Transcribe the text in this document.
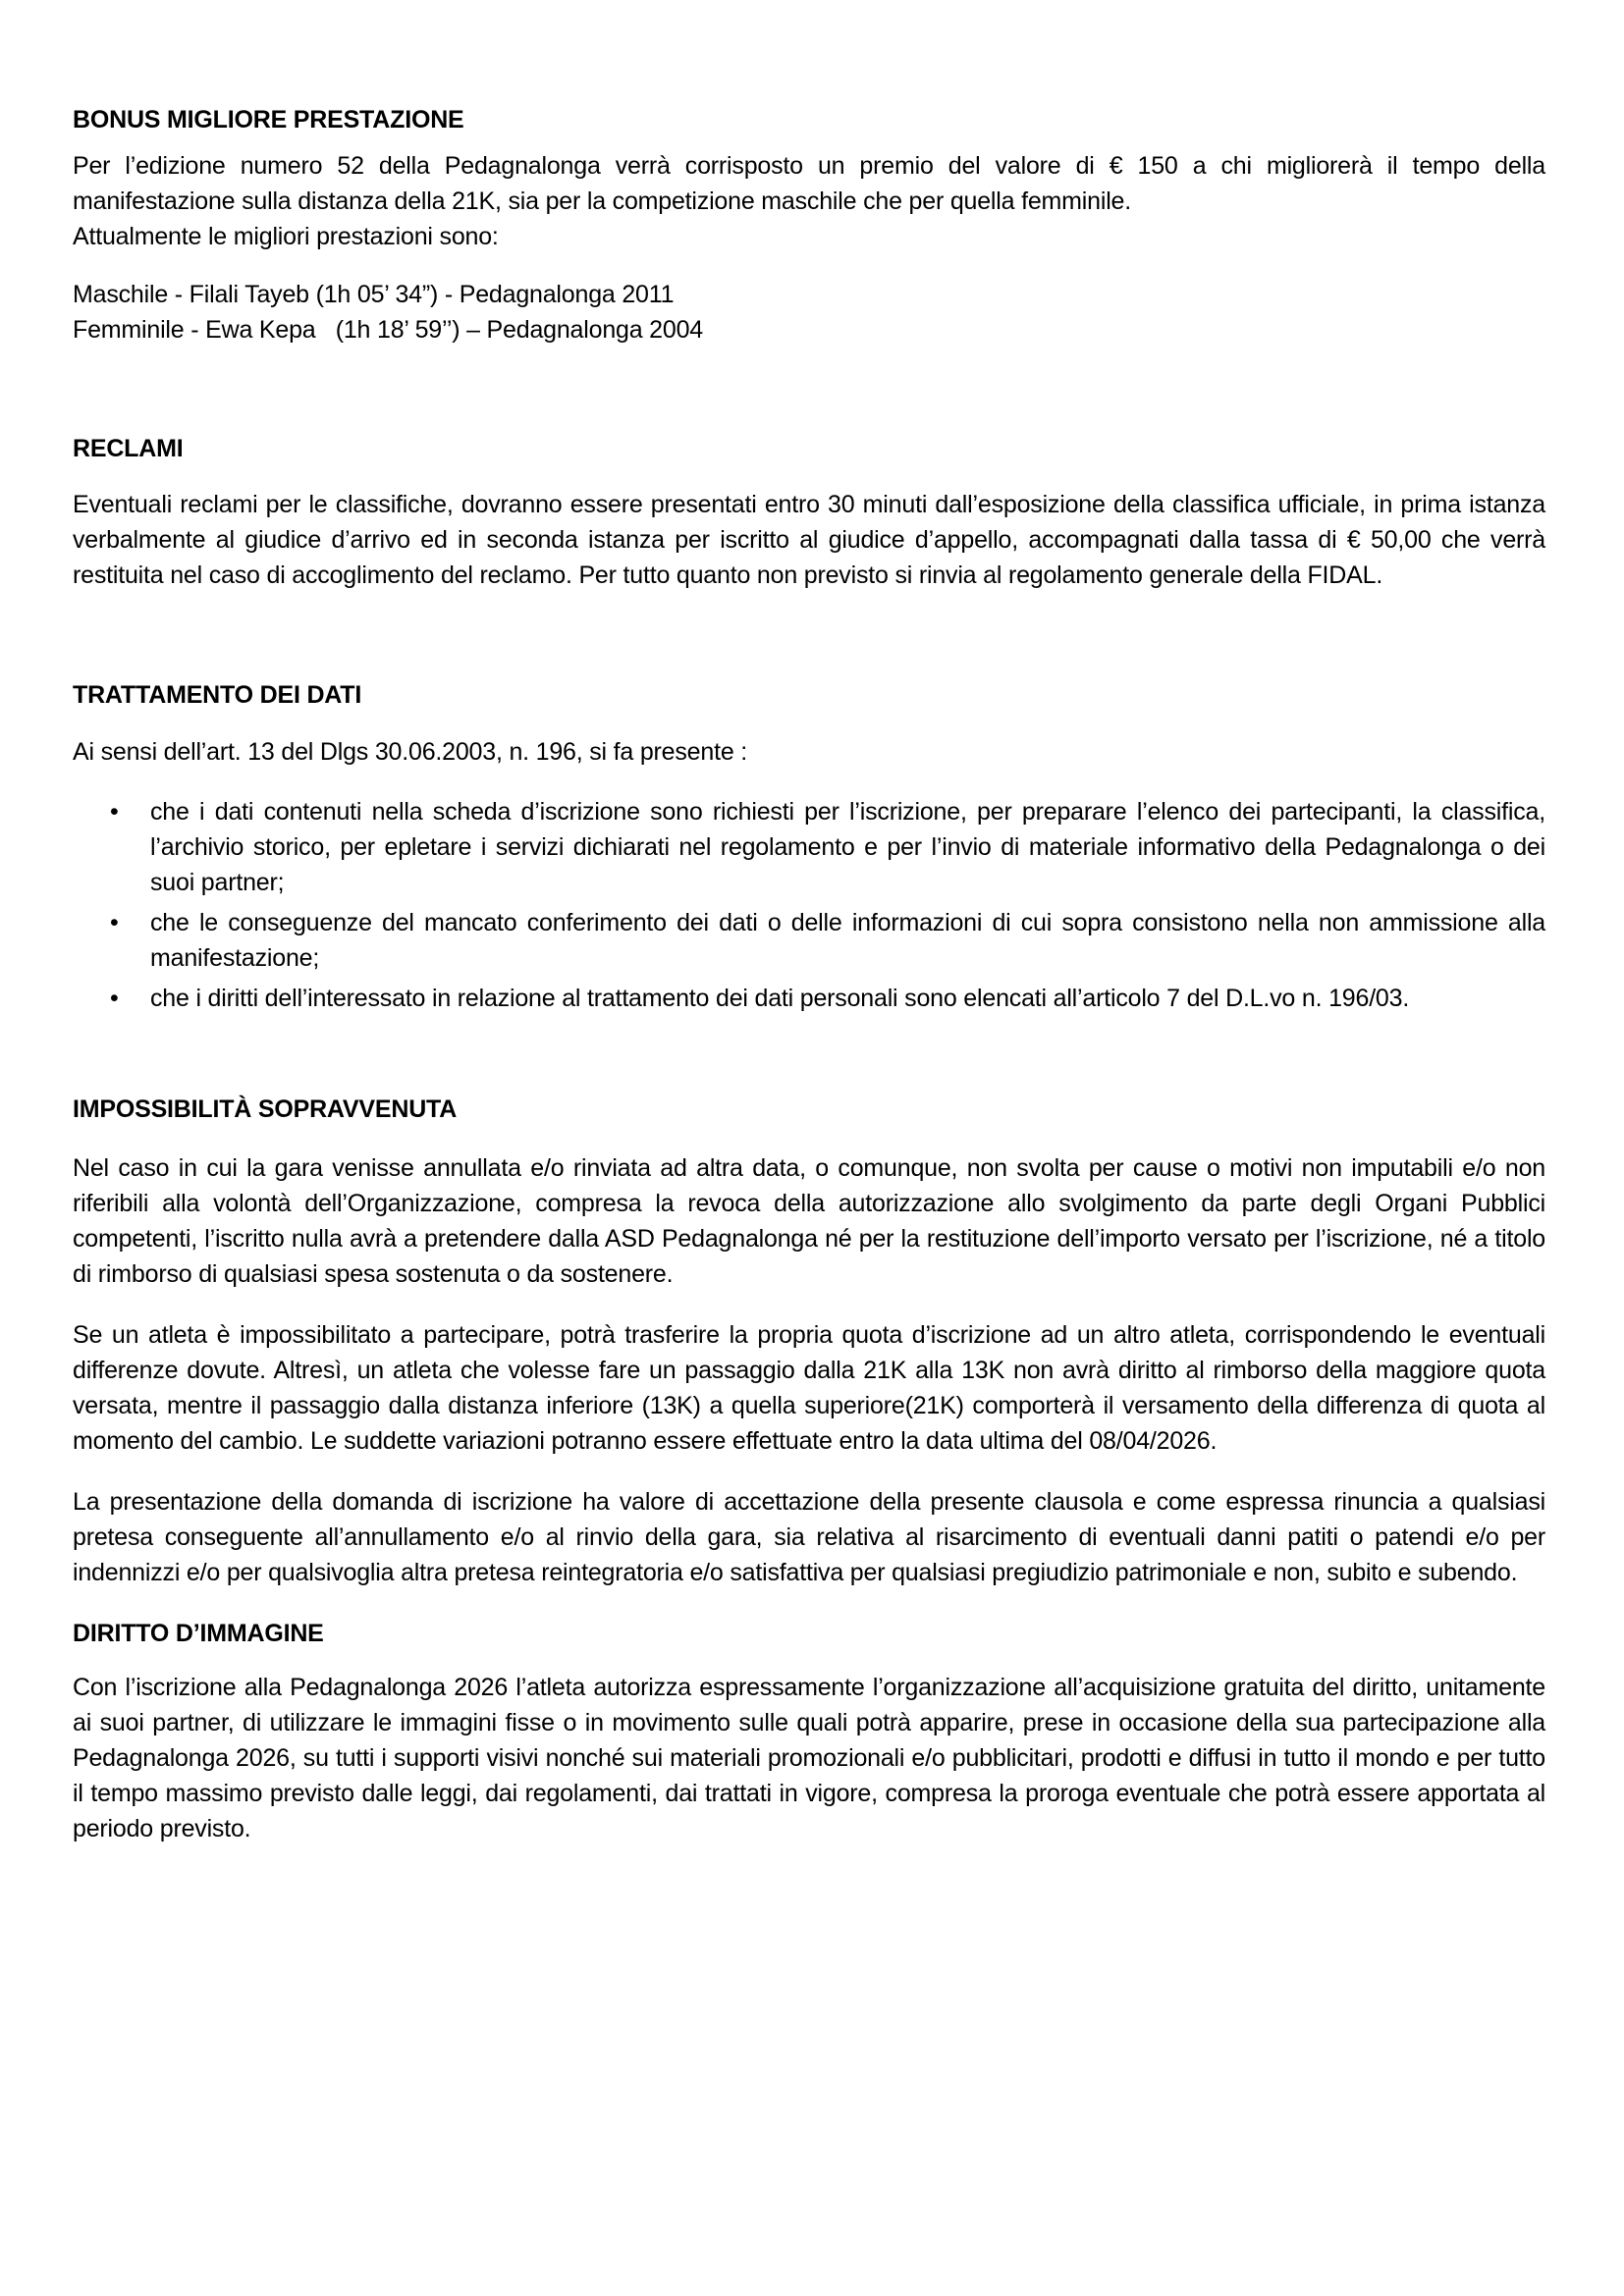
BONUS MIGLIORE PRESTAZIONE

Per l’edizione numero 52 della Pedagnalonga verrà corrisposto un premio del valore di € 150 a chi migliorerà il tempo della manifestazione sulla distanza della 21K, sia per la competizione maschile che per quella femminile.

Attualmente le migliori prestazioni sono:

Maschile - Filali Tayeb (1h 05’ 34”) - Pedagnalonga 2011

Femminile - Ewa Kepa   (1h 18’ 59’’) – Pedagnalonga 2004

RECLAMI

Eventuali reclami per le classifiche, dovranno essere presentati entro 30 minuti dall’esposizione della classifica ufficiale, in prima istanza verbalmente al giudice d’arrivo ed in seconda istanza per iscritto al giudice d’appello, accompagnati dalla tassa di € 50,00 che verrà restituita nel caso di accoglimento del reclamo. Per tutto quanto non previsto si rinvia al regolamento generale della FIDAL.

TRATTAMENTO DEI DATI

Ai sensi dell’art. 13 del Dlgs 30.06.2003, n. 196, si fa presente :

• che i dati contenuti nella scheda d’iscrizione sono richiesti per l’iscrizione, per preparare l’elenco dei partecipanti, la classifica, l’archivio storico, per epletare i servizi dichiarati nel regolamento e per l’invio di materiale informativo della Pedagnalonga o dei suoi partner;
• che le conseguenze del mancato conferimento dei dati o delle informazioni di cui sopra consistono nella non ammissione alla manifestazione;
• che i diritti dell’interessato in relazione al trattamento dei dati personali sono elencati all’articolo 7 del D.L.vo n. 196/03.
IMPOSSIBILITÀ SOPRAVVENUTA

Nel caso in cui la gara venisse annullata e/o rinviata ad altra data, o comunque, non svolta per cause o motivi non imputabili e/o non riferibili alla volontà dell’Organizzazione, compresa la revoca della autorizzazione allo svolgimento da parte degli Organi Pubblici competenti, l’iscritto nulla avrà a pretendere dalla ASD Pedagnalonga né per la restituzione dell’importo versato per l’iscrizione, né a titolo di rimborso di qualsiasi spesa sostenuta o da sostenere.

Se un atleta è impossibilitato a partecipare, potrà trasferire la propria quota d’iscrizione ad un altro atleta, corrispondendo le eventuali differenze dovute. Altresì, un atleta che volesse fare un passaggio dalla 21K alla 13K non avrà diritto al rimborso della maggiore quota versata, mentre il passaggio dalla distanza inferiore (13K) a quella superiore(21K) comporterà il versamento della differenza di quota al momento del cambio. Le suddette variazioni potranno essere effettuate entro la data ultima del 08/04/2026.

La presentazione della domanda di iscrizione ha valore di accettazione della presente clausola e come espressa rinuncia a qualsiasi pretesa conseguente all’annullamento e/o al rinvio della gara, sia relativa al risarcimento di eventuali danni patiti o patendi e/o per indennizzi e/o per qualsivoglia altra pretesa reintegratoria e/o satisfattiva per qualsiasi pregiudizio patrimoniale e non, subito e subendo.

DIRITTO D’IMMAGINE

Con l’iscrizione alla Pedagnalonga 2026 l’atleta autorizza espressamente l’organizzazione all’acquisizione gratuita del diritto, unitamente ai suoi partner, di utilizzare le immagini fisse o in movimento sulle quali potrà apparire, prese in occasione della sua partecipazione alla Pedagnalonga 2026, su tutti i supporti visivi nonché sui materiali promozionali e/o pubblicitari, prodotti e diffusi in tutto il mondo e per tutto il tempo massimo previsto dalle leggi, dai regolamenti, dai trattati in vigore, compresa la proroga eventuale che potrà essere apportata al periodo previsto.
